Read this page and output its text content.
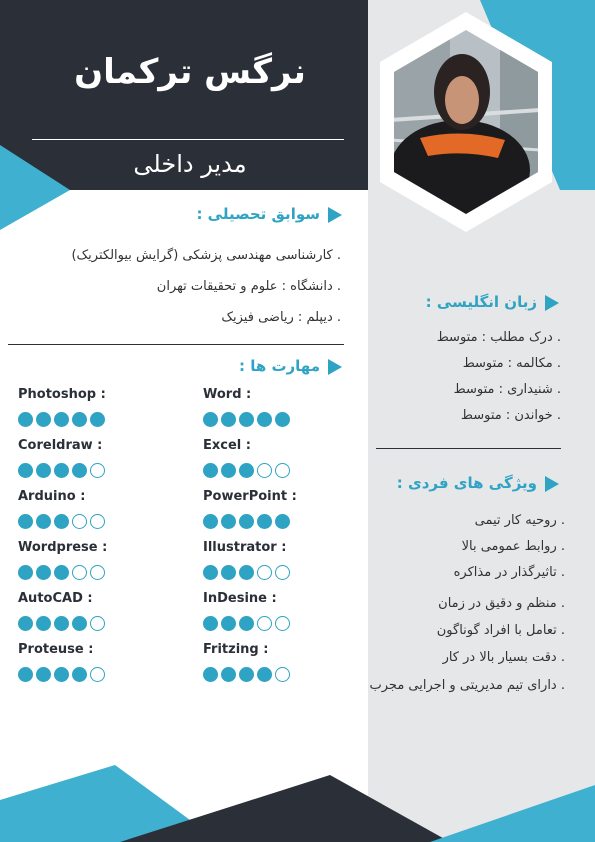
نرگس ترکمان
مدیر داخلی
سوابق تحصیلی :
. کارشناسی مهندسی پزشکی (گرایش بیوالکتریک)
. دانشگاه : علوم و تحقیقات تهران
. دیپلم : ریاضی فیزیک
مهارت ها :
Photoshop :
Coreldraw :
Arduino :
Wordprese :
AutoCAD :
Proteuse :
Word :
Excel :
PowerPoint :
Illustrator :
InDesine :
Fritzing :
زبان انگلیسی :
. درک مطلب : متوسط
. مکالمه : متوسط
. شنیداری : متوسط
. خواندن : متوسط
ویژگی های فردی :
. روحیه کار تیمی
. روابط عمومی بالا
. تاثیرگذار در مذاکره
. منظم و دقیق در زمان
. تعامل با افراد گوناگون
. دقت بسیار بالا در کار
. دارای تیم مدیریتی و اجرایی مجرب
